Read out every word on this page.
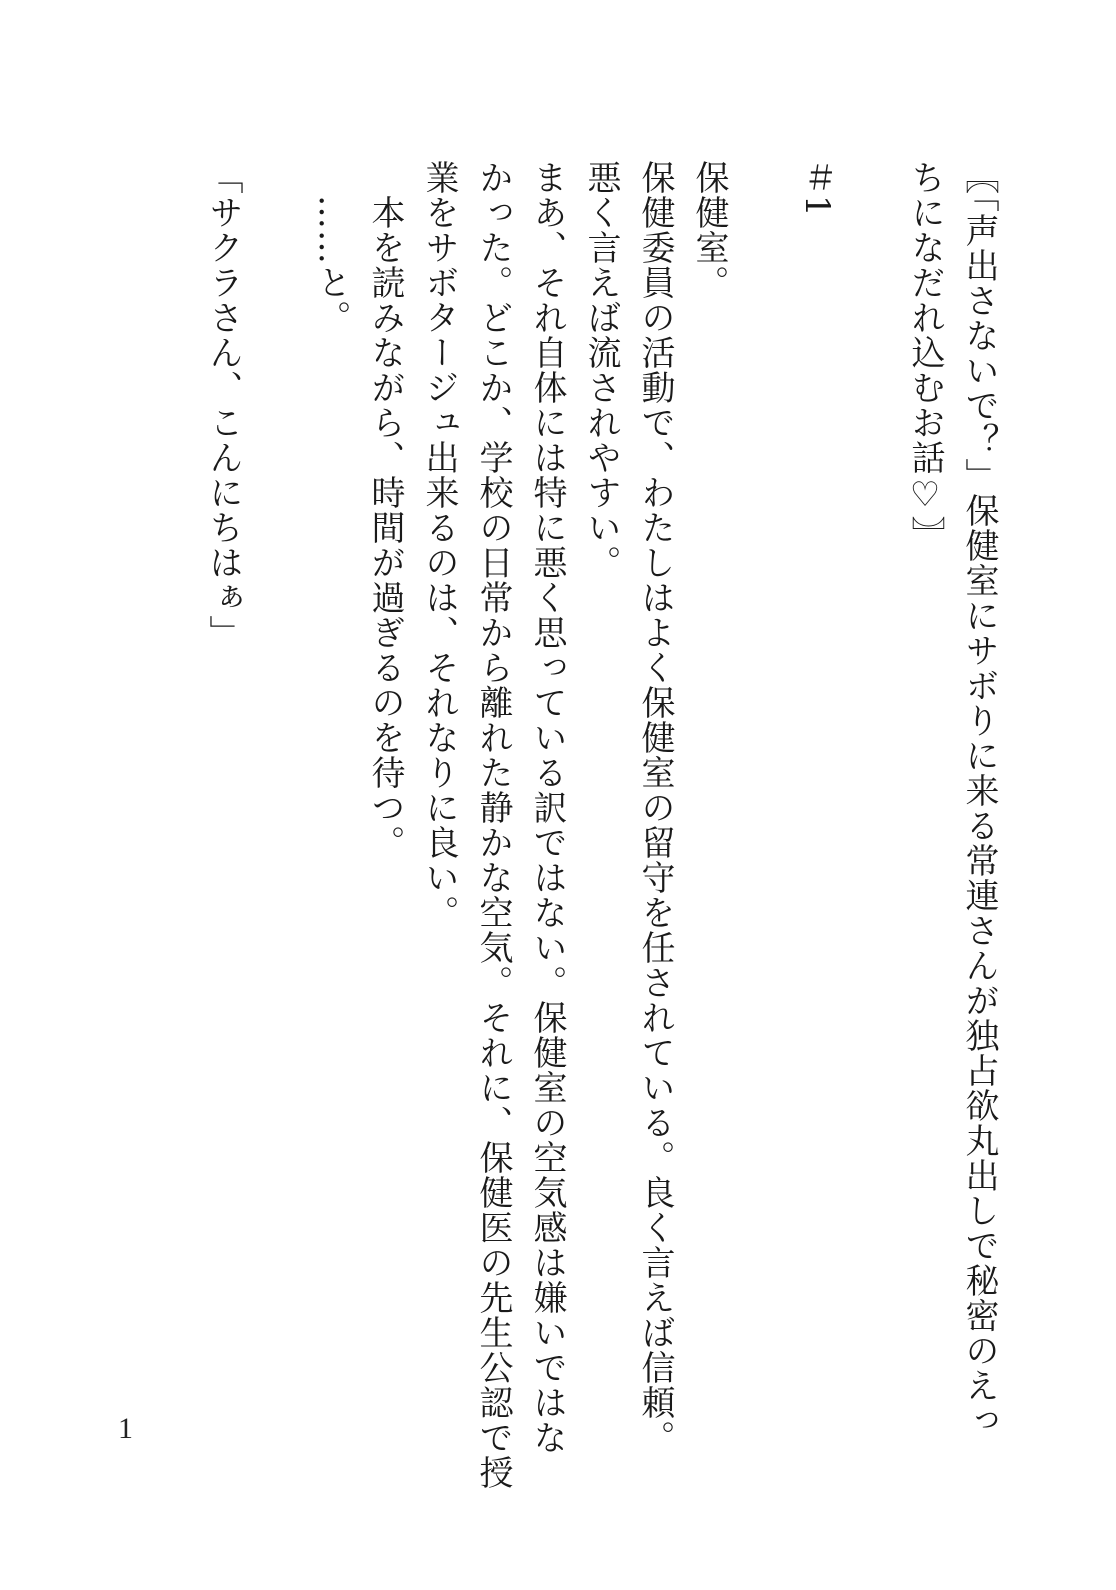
〖「声出さないで？」保健室にサボりに来る常連さんが独占欲丸出しで秘密のえっ
ちになだれ込むお話♡〗
＃1
保健室。
保健委員の活動で、わたしはよく保健室の留守を任されている。良く言えば信頼。
悪く言えば流されやすい。
まあ、それ自体には特に悪く思っている訳ではない。保健室の空気感は嫌いではな
かった。どこか、学校の日常から離れた静かな空気。それに、保健医の先生公認で授
業をサボタージュ出来るのは、それなりに良い。
　本を読みながら、時間が過ぎるのを待つ。
　……と。
「サクラさん、こんにちはぁ」
1
